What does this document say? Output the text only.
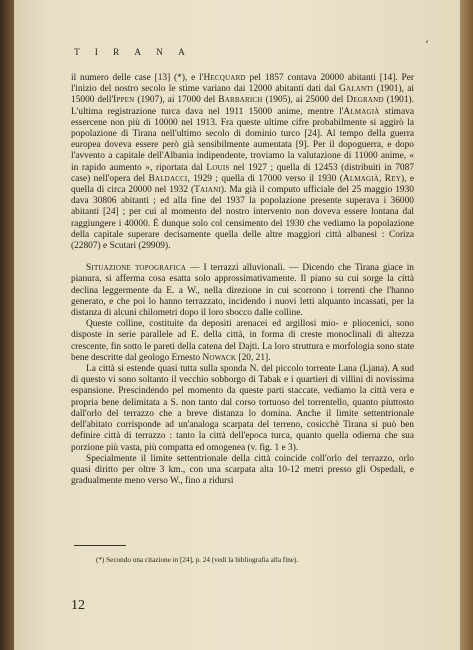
TIRANA
ʼ

il numero delle case [13] (*), e l'Hecquard pel 1857 contava 20000 abitanti [14]. Per l'inizio del nostro secolo le stime variano dai 12000 abitanti dati dal Galanti (1901), ai 15000 dell'Ippen (1907), ai 17000 del Barbarich (1905), ai 25000 del Degrand (1901). L'ultima registrazione turca dava nel 1911 15000 anime, mentre l'Almagià stimava essercene non più di 10000 nel 1913. Fra queste ultime cifre probabilmente si aggirò la popolazione di Tirana nell'ultimo secolo di dominio turco [24]. Al tempo della guerra europea doveva essere però già sensibilmente aumentata [9]. Per il dopoguerra, e dopo l'avvento a capitale dell'Albania indipendente, troviamo la valutazione di 11000 anime, « in rapido aumento », riportata dal Louis nel 1927 ; quella di 12453 (distribuiti in 7087 case) nell'opera del Baldacci, 1929 ; quella di 17000 verso il 1930 (Almagià, Rey), e quella di circa 20000 nel 1932 (Taiani). Ma già il computo ufficiale del 25 maggio 1930 dava 30806 abitanti ; ed alla fine del 1937 la popolazione presente superava i 36000 abitanti [24] ; per cui al momento del nostro intervento non doveva essere lontana dal raggiungere i 40000. È dunque solo col censimento del 1930 che vediamo la popolazione della capitale superare decisamente quella delle altre maggiori città albanesi : Coriza (22807) e Scutari (29909).

Situazione topografica — I terrazzi alluvionali. — Dicendo che Tirana giace in pianura, si afferma cosa esatta solo approssimativamente. Il piano su cui sorge la città declina leggermente da E. a W., nella direzione in cui scorrono i torrenti che l'hanno generato, e che poi lo hanno terrazzato, incidendo i nuovi letti alquanto incassati, per la distanza di alcuni chilometri dopo il loro sbocco dalle colline.

Queste colline, costituite da depositi arenacei ed argillosi mio- e pliocenici, sono disposte in serie parallele ad E. della città, in forma di creste monoclinali di altezza crescente, fin sotto le pareti della catena del Dajti. La loro struttura e morfologia sono state bene descritte dal geologo Ernesto Nowack [20, 21].

La città si estende quasi tutta sulla sponda N. del piccolo torrente Lana (Ljana). A sud di questo vi sono soltanto il vecchio sobborgo di Tabak e i quartieri di villini di novissima espansione. Prescindendo pel momento da queste parti staccate, vediamo la città vera e propria bene delimitata a S. non tanto dal corso tortuoso del torrentello, quanto piuttosto dall'orlo del terrazzo che a breve distanza lo domina. Anche il limite settentrionale dell'abitato corrisponde ad un'analoga scarpata del terreno, cosicchè Tirana si può ben definire città di terrazzo : tanto la città dell'epoca turca, quanto quella odierna che sua porzione più vasta, più compatta ed omogenea (v. fig. 1 e 3).

Specialmente il limite settentrionale della città coincide coll'orlo del terrazzo, orlo quasi diritto per oltre 3 km., con una scarpata alta 10-12 metri presso gli Ospedali, e gradualmente meno verso W., fino a ridursi

(*) Secondo una citazione in [24], p. 24 (vedi la bibliografia alla fine).
12
